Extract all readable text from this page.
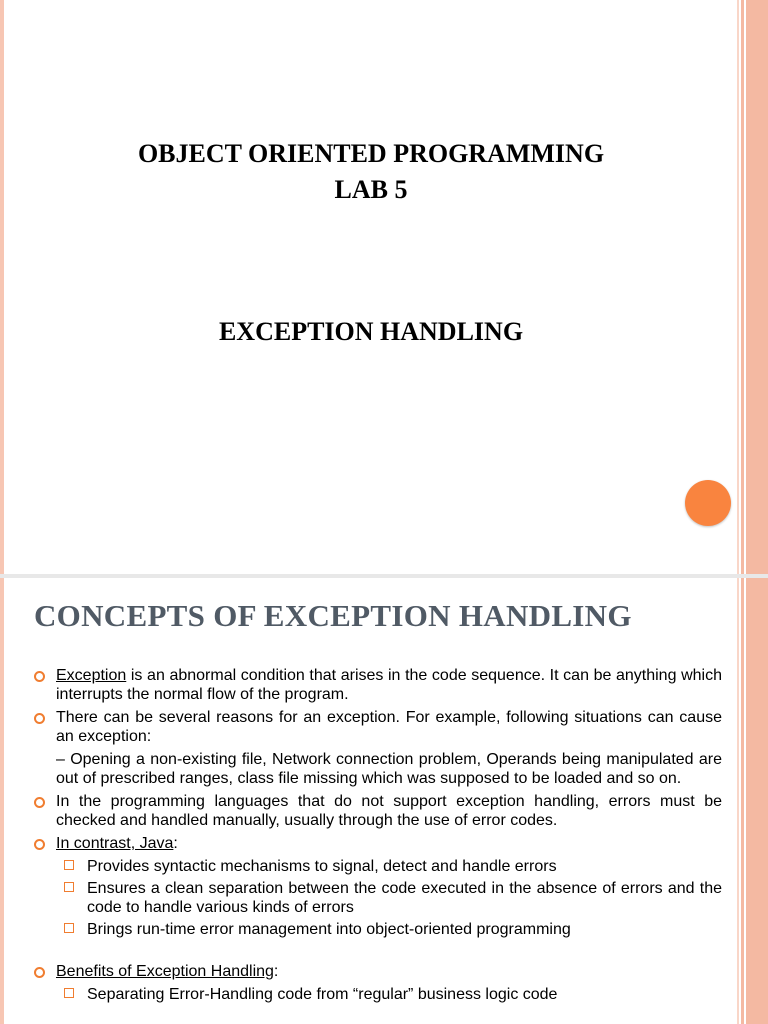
OBJECT ORIENTED PROGRAMMING
LAB 5
EXCEPTION HANDLING
CONCEPTS OF EXCEPTION HANDLING
Exception is an abnormal condition that arises in the code sequence. It can be anything which interrupts the normal flow of the program.
There can be several reasons for an exception. For example, following situations can cause an exception:
– Opening a non-existing file, Network connection problem, Operands being manipulated are out of prescribed ranges, class file missing which was supposed to be loaded and so on.
In the programming languages that do not support exception handling, errors must be checked and handled manually, usually through the use of error codes.
In contrast, Java:
Provides syntactic mechanisms to signal, detect and handle errors
Ensures a clean separation between the code executed in the absence of errors and the code to handle various kinds of errors
Brings run-time error management into object-oriented programming
Benefits of Exception Handling:
Separating Error-Handling code from “regular” business logic code
